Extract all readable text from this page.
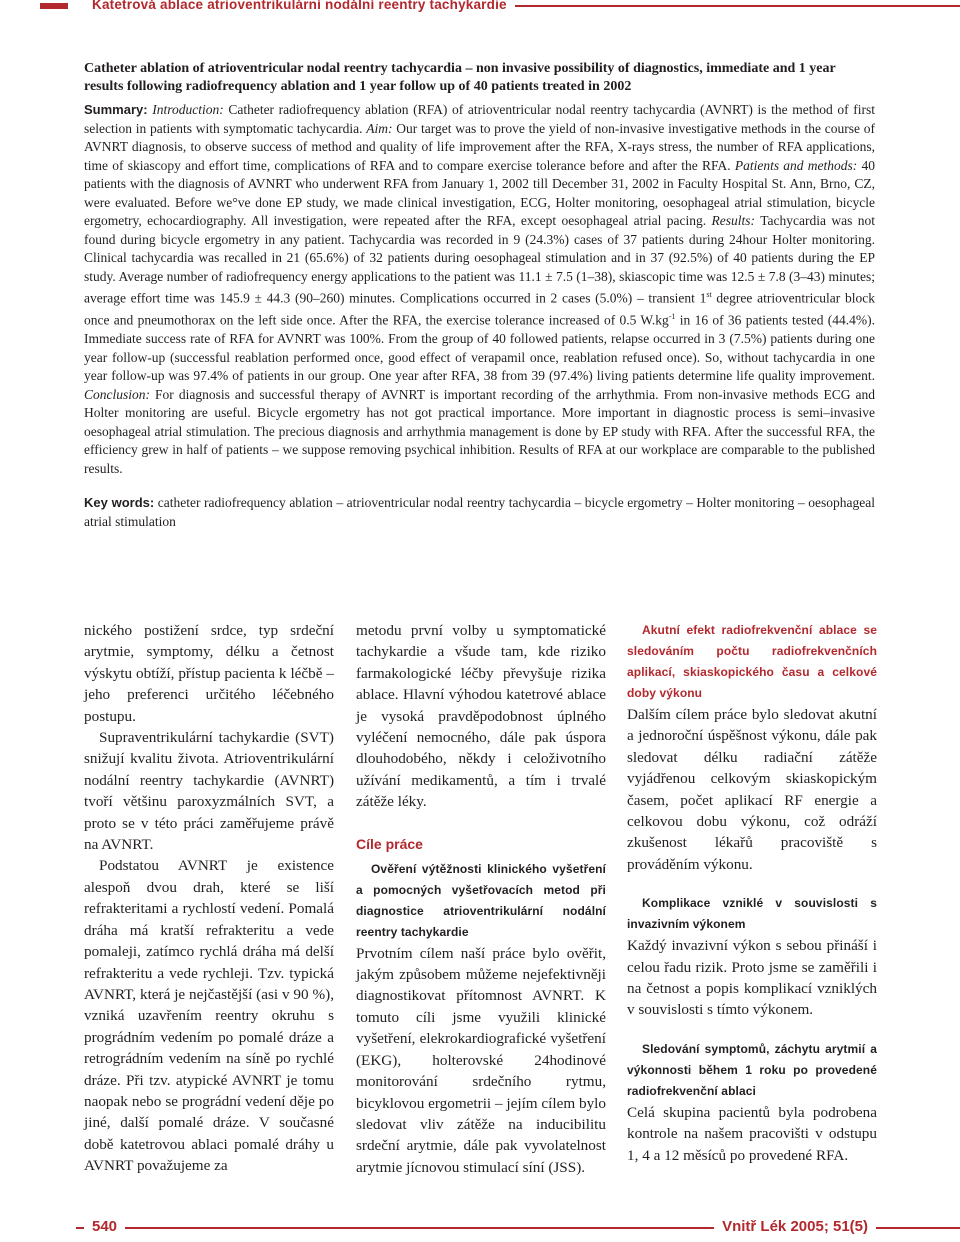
Katetrová ablace atrioventrikulární nodální reentry tachykardie

Catheter ablation of atrioventricular nodal reentry tachycardia – non invasive possibility of diagnostics, immediate and 1 year results following radiofrequency ablation and 1 year follow up of 40 patients treated in 2002

Summary: Introduction: Catheter radiofrequency ablation (RFA) of atrioventricular nodal reentry tachycardia (AVNRT) is the method of first selection in patients with symptomatic tachycardia. Aim: Our target was to prove the yield of non-invasive investigative methods in the course of AVNRT diagnosis, to observe success of method and quality of life improvement after the RFA, X-rays stress, the number of RFA applications, time of skiascopy and effort time, complications of RFA and to compare exercise tolerance before and after the RFA. Patients and methods: 40 patients with the diagnosis of AVNRT who underwent RFA from January 1, 2002 till December 31, 2002 in Faculty Hospital St. Ann, Brno, CZ, were evaluated. Before we°ve done EP study, we made clinical investigation, ECG, Holter monitoring, oesophageal atrial stimulation, bicycle ergometry, echocardiography. All investigation, were repeated after the RFA, except oesophageal atrial pacing. Results: Tachycardia was not found during bicycle ergometry in any patient. Tachycardia was recorded in 9 (24.3%) cases of 37 patients during 24hour Holter monitoring. Clinical tachycardia was recalled in 21 (65.6%) of 32 patients during oesophageal stimulation and in 37 (92.5%) of 40 patients during the EP study. Average number of radiofrequency energy applications to the patient was 11.1 ± 7.5 (1–38), skiascopic time was 12.5 ± 7.8 (3–43) minutes; average effort time was 145.9 ± 44.3 (90–260) minutes. Complications occurred in 2 cases (5.0%) – transient 1st degree atrioventricular block once and pneumothorax on the left side once. After the RFA, the exercise tolerance increased of 0.5 $W.kg^{-1}$ in 16 of 36 patients tested (44.4%). Immediate success rate of RFA for AVNRT was 100%. From the group of 40 followed patients, relapse occurred in 3 (7.5%) patients during one year follow-up (successful reablation performed once, good effect of verapamil once, reablation refused once). So, without tachycardia in one year follow-up was 97.4% of patients in our group. One year after RFA, 38 from 39 (97.4%) living patients determine life quality improvement. Conclusion: For diagnosis and successful therapy of AVNRT is important recording of the arrhythmia. From non-invasive methods ECG and Holter monitoring are useful. Bicycle ergometry has not got practical importance. More important in diagnostic process is semi–invasive oesophageal atrial stimulation. The precious diagnosis and arrhythmia management is done by EP study with RFA. After the successful RFA, the efficiency grew in half of patients – we suppose removing psychical inhibition. Results of RFA at our workplace are comparable to the published results.

Key words: catheter radiofrequency ablation – atrioventricular nodal reentry tachycardia – bicycle ergometry – Holter monitoring – oesophageal atrial stimulation

nického postižení srdce, typ srdeční arytmie, symptomy, délku a četnost výskytu obtíží, přístup pacienta k léčbě – jeho preferenci určitého léčebného postupu.

Supraventrikulární tachykardie (SVT) snižují kvalitu života. Atrioventrikulární nodální reentry tachykardie (AVNRT) tvoří většinu paroxyzmálních SVT, a proto se v této práci zaměřujeme právě na AVNRT.

Podstatou AVNRT je existence alespoň dvou drah, které se liší refrakteritami a rychlostí vedení. Pomalá dráha má kratší refrakteritu a vede pomaleji, zatímco rychlá dráha má delší refrakteritu a vede rychleji. Tzv. typická AVNRT, která je nejčastější (asi v 90 %), vzniká uzavřením reentry okruhu s prográdním vedením po pomalé dráze a retrográdním vedením na síně po rychlé dráze. Při tzv. atypické AVNRT je tomu naopak nebo se prográdní vedení děje po jiné, další pomalé dráze. V současné době katetrovou ablaci pomalé dráhy u AVNRT považujeme za

metodu první volby u symptomatické tachykardie a všude tam, kde riziko farmakologické léčby převyšuje rizika ablace. Hlavní výhodou katetrové ablace je vysoká pravděpodobnost úplného vyléčení nemocného, dále pak úspora dlouhodobého, někdy i celoživotního užívání medikamentů, a tím i trvalé zátěže léky.

Cíle práce

Ověření výtěžnosti klinického vyšetření a pomocných vyšetřovacích metod při diagnostice atrioventrikulární nodální reentry tachykardie

Prvotním cílem naší práce bylo ověřit, jakým způsobem můžeme nejefektivněji diagnostikovat přítomnost AVNRT. K tomuto cíli jsme využili klinické vyšetření, elekrokardiografické vyšetření (EKG), holterovské 24hodinové monitorování srdečního rytmu, bicyklovou ergometrii – jejím cílem bylo sledovat vliv zátěže na inducibilitu srdeční arytmie, dále pak vyvolatelnost arytmie jícnovou stimulací síní (JSS).

Akutní efekt radiofrekvenční ablace se sledováním počtu radiofrekvenčních aplikací, skiaskopického času a celkové doby výkonu

Dalším cílem práce bylo sledovat akutní a jednoroční úspěšnost výkonu, dále pak sledovat délku radiační zátěže vyjádřenou celkovým skiaskopickým časem, počet aplikací RF energie a celkovou dobu výkonu, což odráží zkušenost lékařů pracoviště s prováděním výkonu.

Komplikace vzniklé v souvislosti s invazivním výkonem

Každý invazivní výkon s sebou přináší i celou řadu rizik. Proto jsme se zaměřili i na četnost a popis komplikací vzniklých v souvislosti s tímto výkonem.

Sledování symptomů, záchytu arytmií a výkonnosti během 1 roku po provedené radiofrekvenční ablaci

Celá skupina pacientů byla podrobena kontrole na našem pracovišti v odstupu 1, 4 a 12 měsíců po provedené RFA.

540	Vnitř Lék 2005; 51(5)
